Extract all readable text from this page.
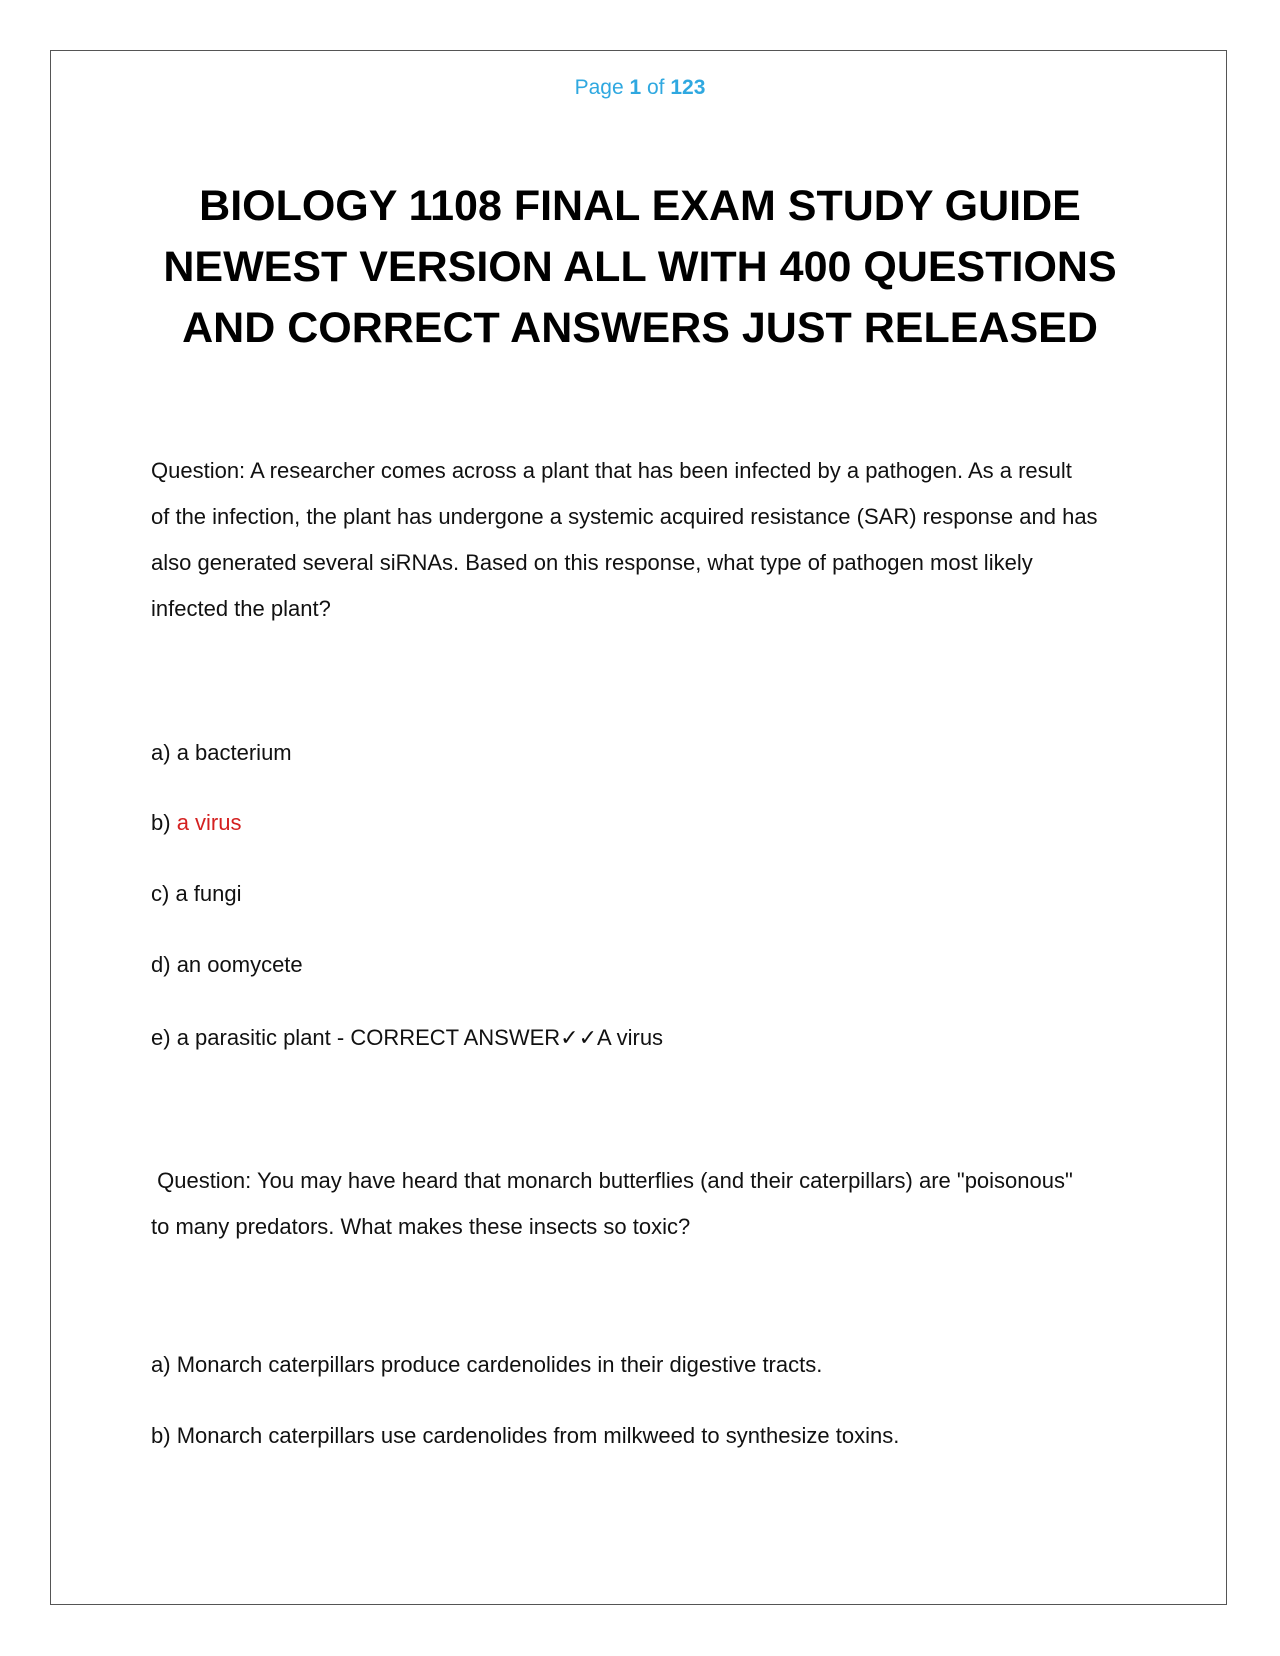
Page 1 of 123
BIOLOGY 1108 FINAL EXAM STUDY GUIDE
NEWEST VERSION ALL WITH 400 QUESTIONS
AND CORRECT ANSWERS JUST RELEASED
Question: A researcher comes across a plant that has been infected by a pathogen. As a result
of the infection, the plant has undergone a systemic acquired resistance (SAR) response and has
also generated several siRNAs. Based on this response, what type of pathogen most likely
infected the plant?
a) a bacterium
b) a virus
c) a fungi
d) an oomycete
e) a parasitic plant - CORRECT ANSWER✓✓A virus
Question: You may have heard that monarch butterflies (and their caterpillars) are "poisonous"
to many predators. What makes these insects so toxic?
a) Monarch caterpillars produce cardenolides in their digestive tracts.
b) Monarch caterpillars use cardenolides from milkweed to synthesize toxins.
